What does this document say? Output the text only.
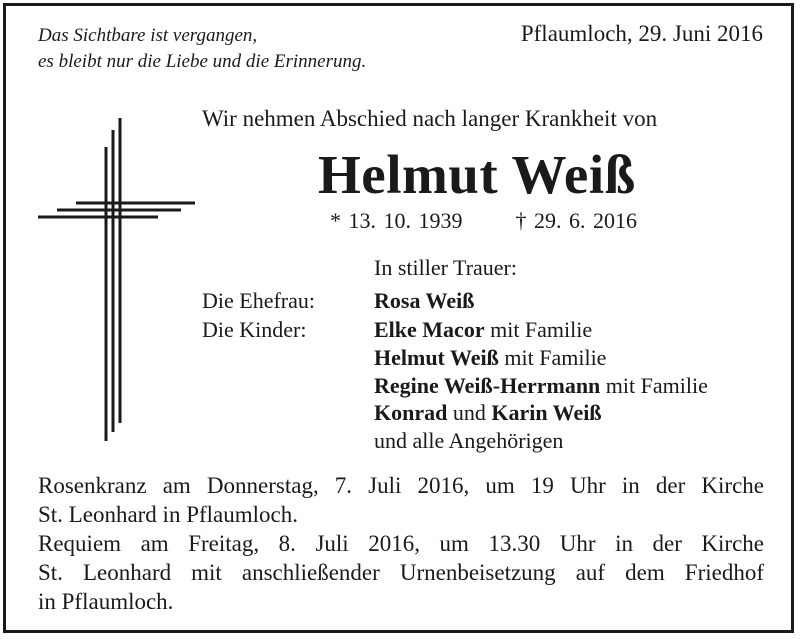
Das Sichtbare ist vergangen,
es bleibt nur die Liebe und die Erinnerung.
Pflaumloch, 29. Juni 2016
Wir nehmen Abschied nach langer Krankheit von
Helmut Weiß
* 13. 10. 1939 † 29. 6. 2016
In stiller Trauer:
Die Ehefrau:	Rosa Weiß
Die Kinder:	Elke Macor mit Familie
Helmut Weiß mit Familie
Regine Weiß-Herrmann mit Familie
Konrad und Karin Weiß
und alle Angehörigen
Rosenkranz am Donnerstag, 7. Juli 2016, um 19 Uhr in der Kirche
St. Leonhard in Pflaumloch.
Requiem am Freitag, 8. Juli 2016, um 13.30 Uhr in der Kirche
St. Leonhard mit anschließender Urnenbeisetzung auf dem Friedhof
in Pflaumloch.
